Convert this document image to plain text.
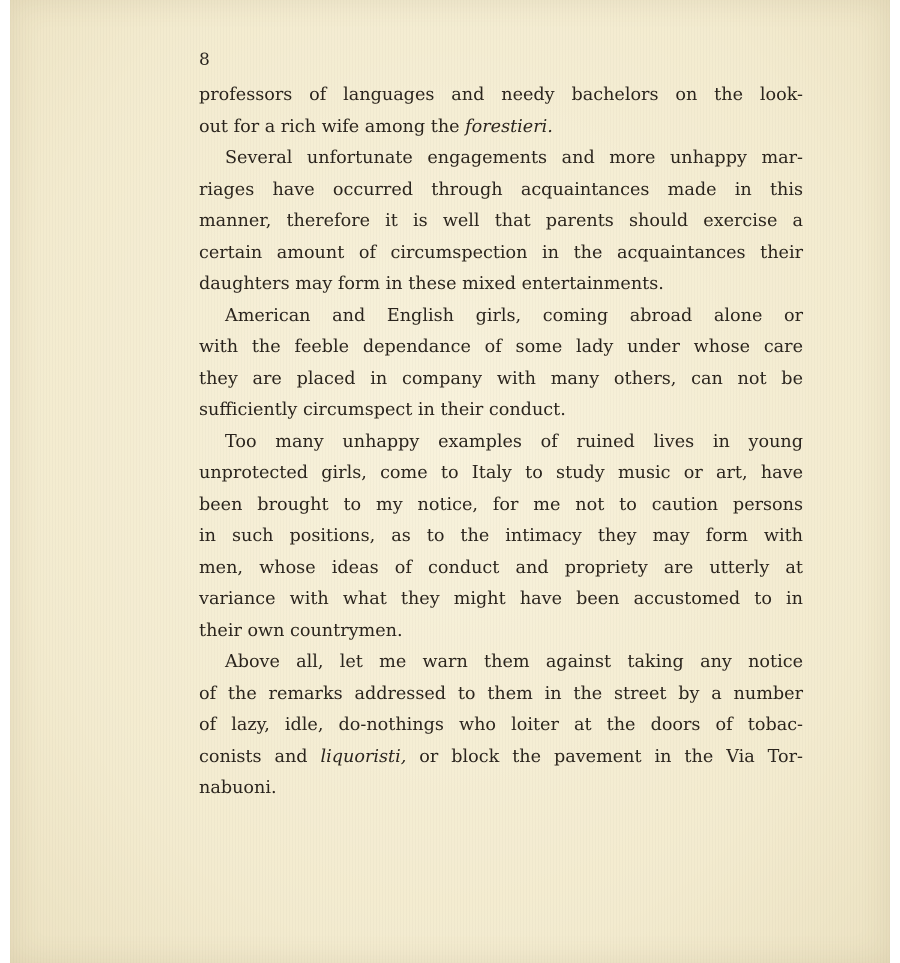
8
professors of languages and needy bachelors on the look-
out for a rich wife among the forestieri.
Several unfortunate engagements and more unhappy mar-
riages have occurred through acquaintances made in this
manner, therefore it is well that parents should exercise a
certain amount of circumspection in the acquaintances their
daughters may form in these mixed entertainments.
American and English girls, coming abroad alone or
with the feeble dependance of some lady under whose care
they are placed in company with many others, can not be
sufficiently circumspect in their conduct.
Too many unhappy examples of ruined lives in young
unprotected girls, come to Italy to study music or art, have
been brought to my notice, for me not to caution persons
in such positions, as to the intimacy they may form with
men, whose ideas of conduct and propriety are utterly at
variance with what they might have been accustomed to in
their own countrymen.
Above all, let me warn them against taking any notice
of the remarks addressed to them in the street by a number
of lazy, idle, do-nothings who loiter at the doors of tobac-
conists and liquoristi, or block the pavement in the Via Tor-
nabuoni.
